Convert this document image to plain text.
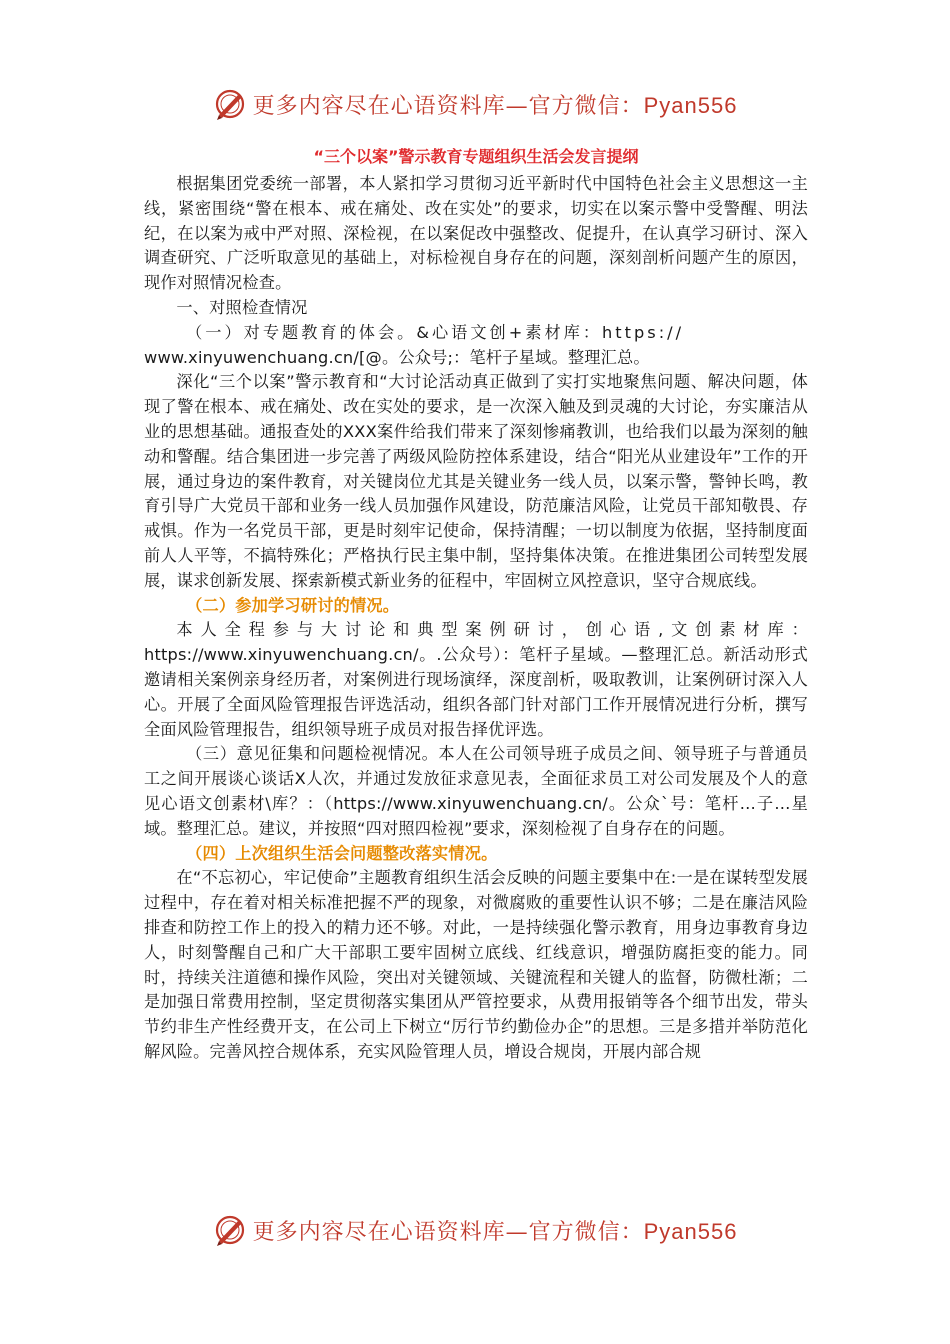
更多内容尽在心语资料库—官方微信：Pyan556
“三个以案”警示教育专题组织生活会发言提纲

根据集团党委统一部署，本人紧扣学习贯彻习近平新时代中国特色社会主义思想这一主线，紧密围绕“警在根本、戒在痛处、改在实处”的要求，切实在以案示警中受警醒、明法纪，在以案为戒中严对照、深检视，在以案促改中强整改、促提升，在认真学习研讨、深入调查研究、广泛听取意见的基础上，对标检视自身存在的问题，深刻剖析问题产生的原因，现作对照情况检查。

一、对照检查情况

（一）对专题教育的体会。&心语文创+素材库：https://

www.xinyuwenchuang.cn/[@。公众号;：笔杆子星域。整理汇总。

深化“三个以案”警示教育和“大讨论活动真正做到了实打实地聚焦问题、解决问题，体现了警在根本、戒在痛处、改在实处的要求，是一次深入触及到灵魂的大讨论，夯实廉洁从业的思想基础。通报查处的XXX案件给我们带来了深刻惨痛教训，也给我们以最为深刻的触动和警醒。结合集团进一步完善了两级风险防控体系建设，结合“阳光从业建设年”工作的开展，通过身边的案件教育，对关键岗位尤其是关键业务一线人员，以案示警，警钟长鸣，教育引导广大党员干部和业务一线人员加强作风建设，防范廉洁风险，让党员干部知敬畏、存戒惧。作为一名党员干部，更是时刻牢记使命，保持清醒；一切以制度为依据，坚持制度面前人人平等，不搞特殊化；严格执行民主集中制，坚持集体决策。在推进集团公司转型发展展，谋求创新发展、探索新模式新业务的征程中，牢固树立风控意识，坚守合规底线。

（二）参加学习研讨的情况。

本人全程参与大讨论和典型案例研讨，创心语,文创素材库：https://www.xinyuwenchuang.cn/。.公众号）：笔杆子星域。—整理汇总。新活动形式邀请相关案例亲身经历者，对案例进行现场演绎，深度剖析，吸取教训，让案例研讨深入人心。开展了全面风险管理报告评选活动，组织各部门针对部门工作开展情况进行分析，撰写全面风险管理报告，组织领导班子成员对报告择优评选。

（三）意见征集和问题检视情况。本人在公司领导班子成员之间、领导班子与普通员工之间开展谈心谈话X人次，并通过发放征求意见表，全面征求员工对公司发展及个人的意见心语文创素材\库？：（https://www.xinyuwenchuang.cn/。公众`号：笔杆…子…星域。整理汇总。建议，并按照“四对照四检视”要求，深刻检视了自身存在的问题。

（四）上次组织生活会问题整改落实情况。

在“不忘初心，牢记使命”主题教育组织生活会反映的问题主要集中在:一是在谋转型发展过程中，存在着对相关标准把握不严的现象，对微腐败的重要性认识不够；二是在廉洁风险排查和防控工作上的投入的精力还不够。对此，一是持续强化警示教育，用身边事教育身边人，时刻警醒自己和广大干部职工要牢固树立底线、红线意识，增强防腐拒变的能力。同时，持续关注道德和操作风险，突出对关键领域、关键流程和关键人的监督，防微杜渐；二是加强日常费用控制，坚定贯彻落实集团从严管控要求，从费用报销等各个细节出发，带头节约非生产性经费开支，在公司上下树立“厉行节约勤俭办企”的思想。三是多措并举防范化解风险。完善风控合规体系，充实风险管理人员，增设合规岗，开展内部合规

更多内容尽在心语资料库—官方微信：Pyan556
